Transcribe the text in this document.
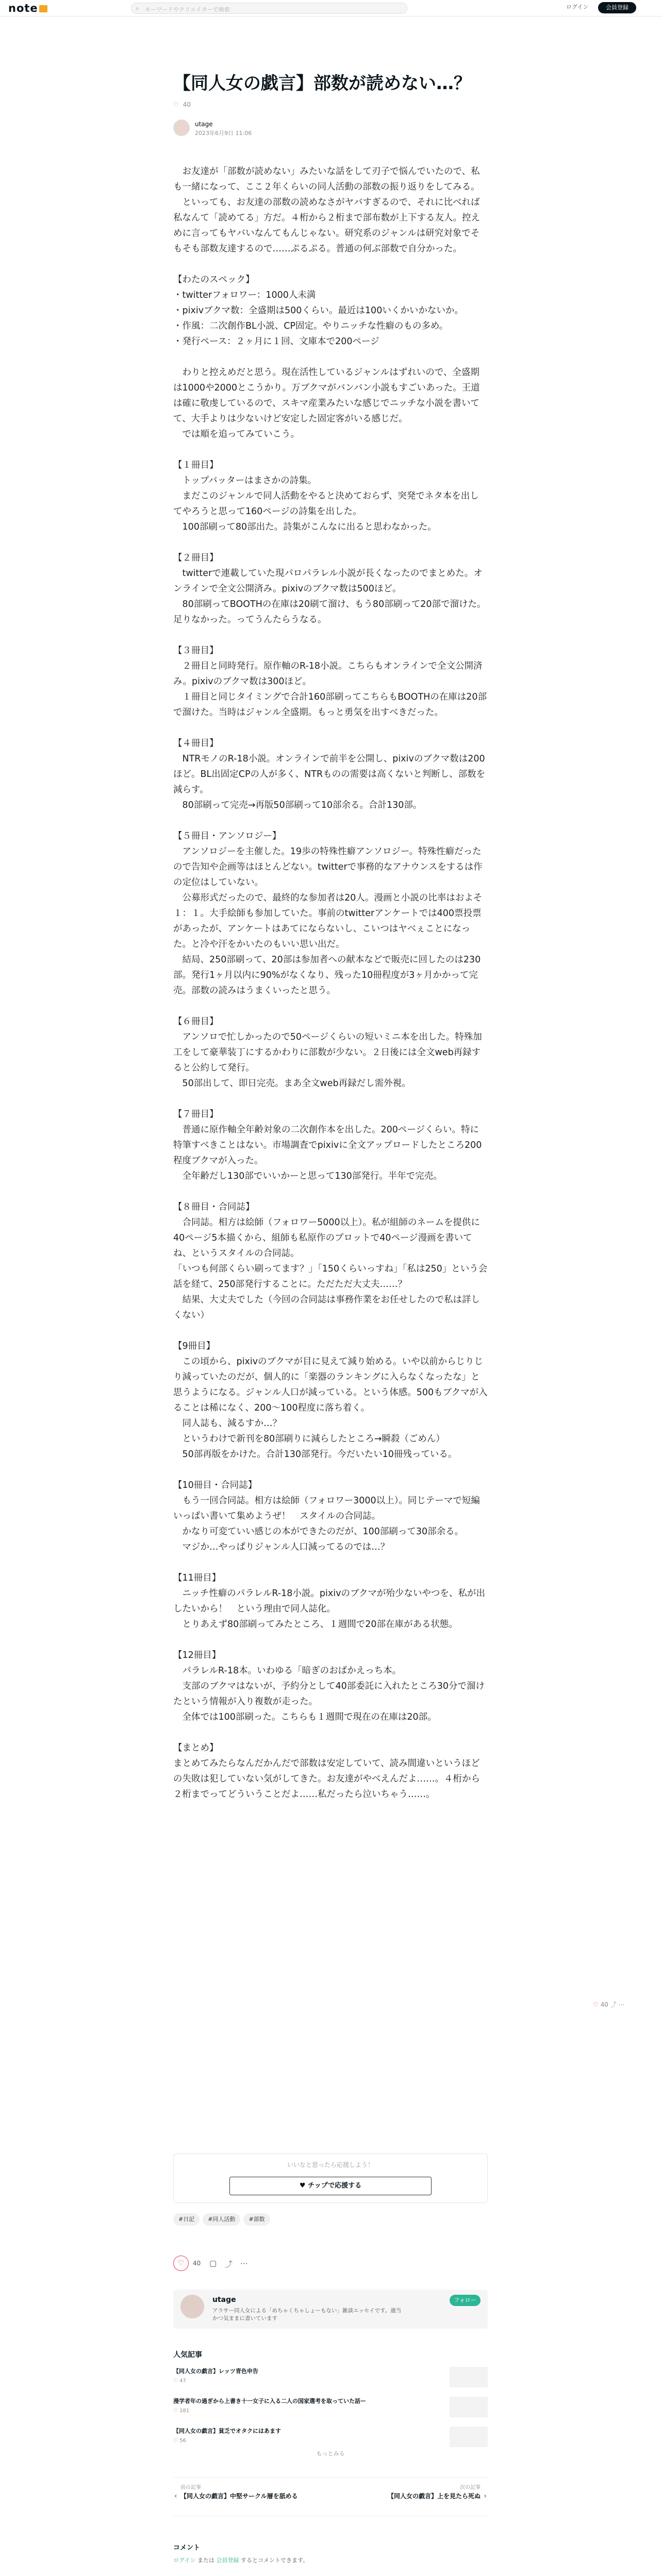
note	⌕ キーワードやクリエイターで検索	ログイン	会員登録
【同人女の戯言】部数が読めない…？
♡ 40
utage
2023年6月9日 11:06

　お友達が「部数が読めない」みたいな話をして刃子で悩んでいたので、私も一緒になって、ここ２年くらいの同人活動の部数の振り返りをしてみる。

　といっても、お友達の部数の読めなさがヤバすぎるので、それに比べれば私なんて「読めてる」方だ。４桁から２桁まで部布数が上下する友人。控えめに言ってもヤバいなんてもんじゃない。研究系のジャンルは研究対象でそもそも部数友達するので……ぷるぷる。普通の何ぶ部数で自分かった。

【わたのスペック】

・twitterフォロワー：1000人未満

・pixivブクマ数：全盛期は500くらい。最近は100いくかいかないか。

・作風：二次創作BL小説、CP固定。やりニッチな性癖のもの多め。

・発行ペース：２ヶ月に１回、文庫本で200ページ

　わりと控えめだと思う。現在活性しているジャンルはずれいので、全盛期は1000や2000とこうかり。万ブクマがバンバン小説もすごいあった。王道は確に敬虔しているので、スキマ産業みたいな感じでニッチな小説を書いてて、大手よりは少ないけど安定した固定客がいる感じだ。

　では順を追ってみていこう。

【１冊目】

　トップバッターはまさかの詩集。

　まだこのジャンルで同人活動をやると決めておらず、突発でネタ本を出してやろうと思って160ページの詩集を出した。

　100部刷って80部出た。詩集がこんなに出ると思わなかった。

【２冊目】

　twitterで連載していた現パロパラレル小説が長くなったのでまとめた。オンラインで全文公開済み。pixivのブクマ数は500ほど。

　80部刷ってBOOTHの在庫は20刷て溜け、もう80部刷って20部で溜けた。足りなかった。ってうんたらうなる。

【３冊目】

　２冊目と同時発行。原作軸のR-18小説。こちらもオンラインで全文公開済み。pixivのブクマ数は300ほど。

　１冊目と同じタイミングで合計160部刷ってこちらもBOOTHの在庫は20部で溜けた。当時はジャンル全盛期。もっと勇気を出すべきだった。

【４冊目】

　NTRモノのR-18小説。オンラインで前半を公開し、pixivのブクマ数は200ほど。BL出固定CPの人が多く、NTRものの需要は高くないと判断し、部数を減らす。

　80部刷って完売→再版50部刷って10部余る。合計130部。

【５冊目・アンソロジー】

　アンソロジーを主催した。19歩の特殊性癖アンソロジー。特殊性癖だったので告知や企画等はほとんどない。twitterで事務的なアナウンスをするは作の定位はしていない。

　公募形式だったので、最終的な参加者は20人。漫画と小説の比率はおよそ１：１。大手絵師も参加していた。事前のtwitterアンケートでは400票投票があったが、アンケートはあてにならないし、こいつはヤベぇことになった。と冷や汗をかいたのもいい思い出だ。

　結局、250部刷って、20部は参加者への献本などで販売に回したのは230部。発行1ヶ月以内に90%がなくなり、残った10冊程度が3ヶ月かかって完売。部数の読みはうまくいったと思う。

【６冊目】

　アンソロで忙しかったので50ページくらいの短いミニ本を出した。特殊加工をして豪華装丁にするかわりに部数が少ない。２日後には全文web再録すると公約して発行。

　50部出して、即日完売。まあ全文web再録だし需外視。

【７冊目】

　普通に原作軸全年齢対象の二次創作本を出した。200ページくらい。特に特筆すべきことはない。市場調査でpixivに全文アップロードしたところ200程度ブクマが入った。

　全年齢だし130部でいいかーと思って130部発行。半年で完売。

【８冊目・合同誌】

　合同誌。相方は絵師（フォロワー5000以上）。私が組師のネームを提供に40ページ5本描くから、組師も私原作のプロットで40ページ漫画を書いてね、というスタイルの合同誌。

「いつも何部くらい刷ってます？」「150くらいっすね」「私は250」という会話を経て、250部発行することに。ただただ大丈夫……？

　結果、大丈夫でした（今回の合同誌は事務作業をお任せしたので私は詳しくない）

【9冊目】

　この頃から、pixivのブクマが目に見えて減り始める。いや以前からじりじり減っていたのだが、個人的に「楽器のランキングに入らなくなったな」と思うようになる。ジャンル人口が減っている。という体感。500もブクマが入ることは稀になく、200〜100程度に落ち着く。

　同人誌も、減るすか…？

　というわけで新刊を80部刷りに減らしたところ→瞬殺（ごめん）

　50部再版をかけた。合計130部発行。今だいたい10冊残っている。

【10冊目・合同誌】

　もう一回合同誌。相方は絵師（フォロワー3000以上）。同じテーマで短編いっぱい書いて集めようぜ！　スタイルの合同誌。

　かなり可変ていい感じの本ができたのだが、100部刷って30部余る。

　マジか…やっぱりジャンル人口減ってるのでは…？

【11冊目】

　ニッチ性癖のパラレルR-18小説。pixivのブクマが殆少ないやつを、私が出したいから！　という理由で同人誌化。

　とりあえず80部刷ってみたところ、１週間で20部在庫がある状態。

【12冊目】

　パラレルR-18本。いわゆる「暗ぎのおばかえっち本。

　支部のブクマはないが、予約分として40部委託に入れたところ30分で溜けたという情報が入り複数が走った。

　全体では100部刷った。こちらも１週間で現在の在庫は20部。

【まとめ】

まとめてみたらなんだかんだで部数は安定していて、読み間違いというほどの失敗は犯していない気がしてきた。お友達がやべえんだよ……。４桁から２桁までってどういうことだよ……私だったら泣いちゃう……。

♡ 40 ⤴ ⋯
いいなと思ったら応援しよう！
♥ チップで応援する
#日記 #同人活動 #部数
♡	40 ▢ ⤴ ⋯
utage
アラサー同人女による「めちゃくちゃしょーもない」雑談エッセイです。適当かつ気ままに書いています
フォロー
人気記事
【同人女の戯言】レッツ青色申告
♡ 47
漫学者年の過ぎから上書き十一女子に入る二人の国家選考を取っていた話ー
♡ 181
【同人女の戯言】貧乏でオタクにはあます
♡ 56
もっとみる
‹
前の記事
【同人女の戯言】中堅サークル層を舐める
次の記事
【同人女の戯言】上を見たら死ぬ ›
コメント
ログイン または 会員登録 するとコメントできます。
